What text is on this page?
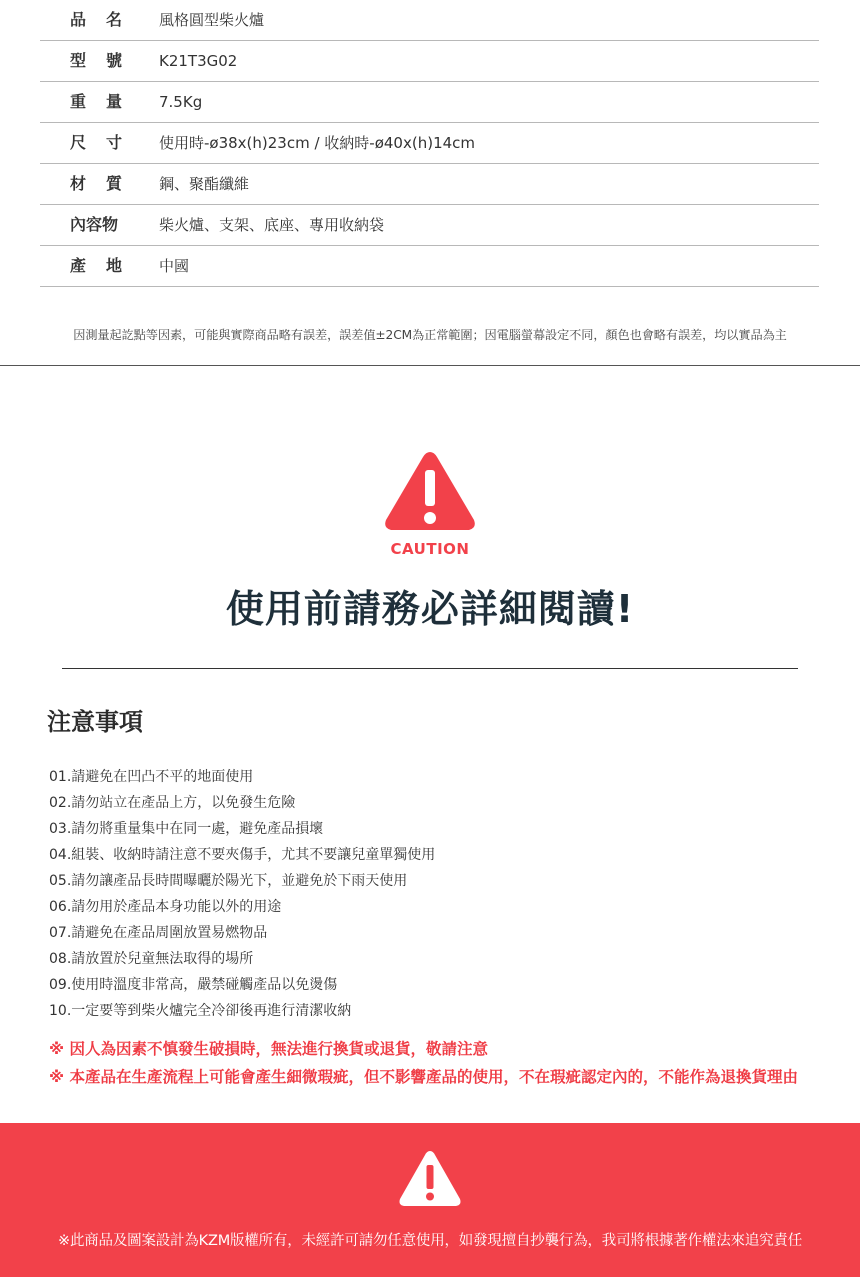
品　名 風格圓型柴火爐
型　號 K21T3G02
重　量 7.5Kg
尺　寸 使用時-ø38x(h)23cm / 收納時-ø40x(h)14cm
材　質 鋼、聚酯纖維
內容物	柴火爐、支架、底座、專用收納袋
產　地 中國
因測量起訖點等因素，可能與實際商品略有誤差，誤差值±2CM為正常範圍；因電腦螢幕設定不同，顏色也會略有誤差，均以實品為主
CAUTION
使用前請務必詳細閱讀!
注意事項
01.請避免在凹凸不平的地面使用
02.請勿站立在產品上方，以免發生危險
03.請勿將重量集中在同一處，避免產品損壞
04.組裝、收納時請注意不要夾傷手，尤其不要讓兒童單獨使用
05.請勿讓產品長時間曝曬於陽光下，並避免於下雨天使用
06.請勿用於產品本身功能以外的用途
07.請避免在產品周圍放置易燃物品
08.請放置於兒童無法取得的場所
09.使用時溫度非常高，嚴禁碰觸產品以免燙傷
10.一定要等到柴火爐完全冷卻後再進行清潔收納
※ 因人為因素不慎發生破損時，無法進行換貨或退貨，敬請注意
※ 本產品在生產流程上可能會產生細微瑕疵，但不影響產品的使用，不在瑕疵認定內的，不能作為退換貨理由
※此商品及圖案設計為KZM版權所有，未經許可請勿任意使用，如發現擅自抄襲行為，我司將根據著作權法來追究責任
